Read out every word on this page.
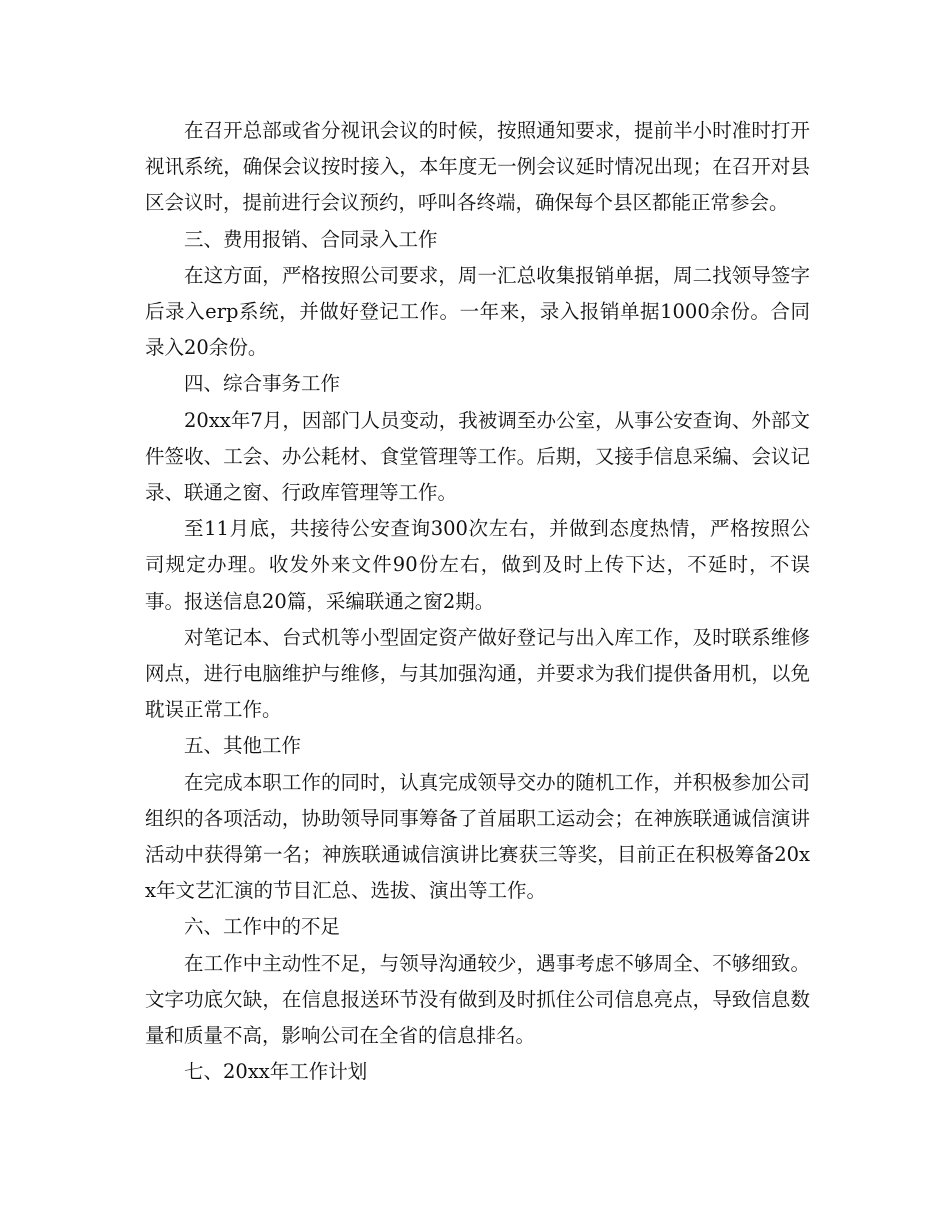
在召开总部或省分视讯会议的时候，按照通知要求，提前半小时准时打开视讯系统，确保会议按时接入，本年度无一例会议延时情况出现；在召开对县区会议时，提前进行会议预约，呼叫各终端，确保每个县区都能正常参会。

三、费用报销、合同录入工作

在这方面，严格按照公司要求，周一汇总收集报销单据，周二找领导签字后录入erp系统，并做好登记工作。一年来，录入报销单据1000余份。合同录入20余份。

四、综合事务工作

20xx年7月，因部门人员变动，我被调至办公室，从事公安查询、外部文件签收、工会、办公耗材、食堂管理等工作。后期，又接手信息采编、会议记录、联通之窗、行政库管理等工作。

至11月底，共接待公安查询300次左右，并做到态度热情，严格按照公司规定办理。收发外来文件90份左右，做到及时上传下达，不延时，不误事。报送信息20篇，采编联通之窗2期。

对笔记本、台式机等小型固定资产做好登记与出入库工作，及时联系维修网点，进行电脑维护与维修，与其加强沟通，并要求为我们提供备用机，以免耽误正常工作。

五、其他工作

在完成本职工作的同时，认真完成领导交办的随机工作，并积极参加公司组织的各项活动，协助领导同事筹备了首届职工运动会；在神族联通诚信演讲活动中获得第一名；神族联通诚信演讲比赛获三等奖，目前正在积极筹备20xx年文艺汇演的节目汇总、选拔、演出等工作。

六、工作中的不足

在工作中主动性不足，与领导沟通较少，遇事考虑不够周全、不够细致。文字功底欠缺，在信息报送环节没有做到及时抓住公司信息亮点，导致信息数量和质量不高，影响公司在全省的信息排名。

七、20xx年工作计划
